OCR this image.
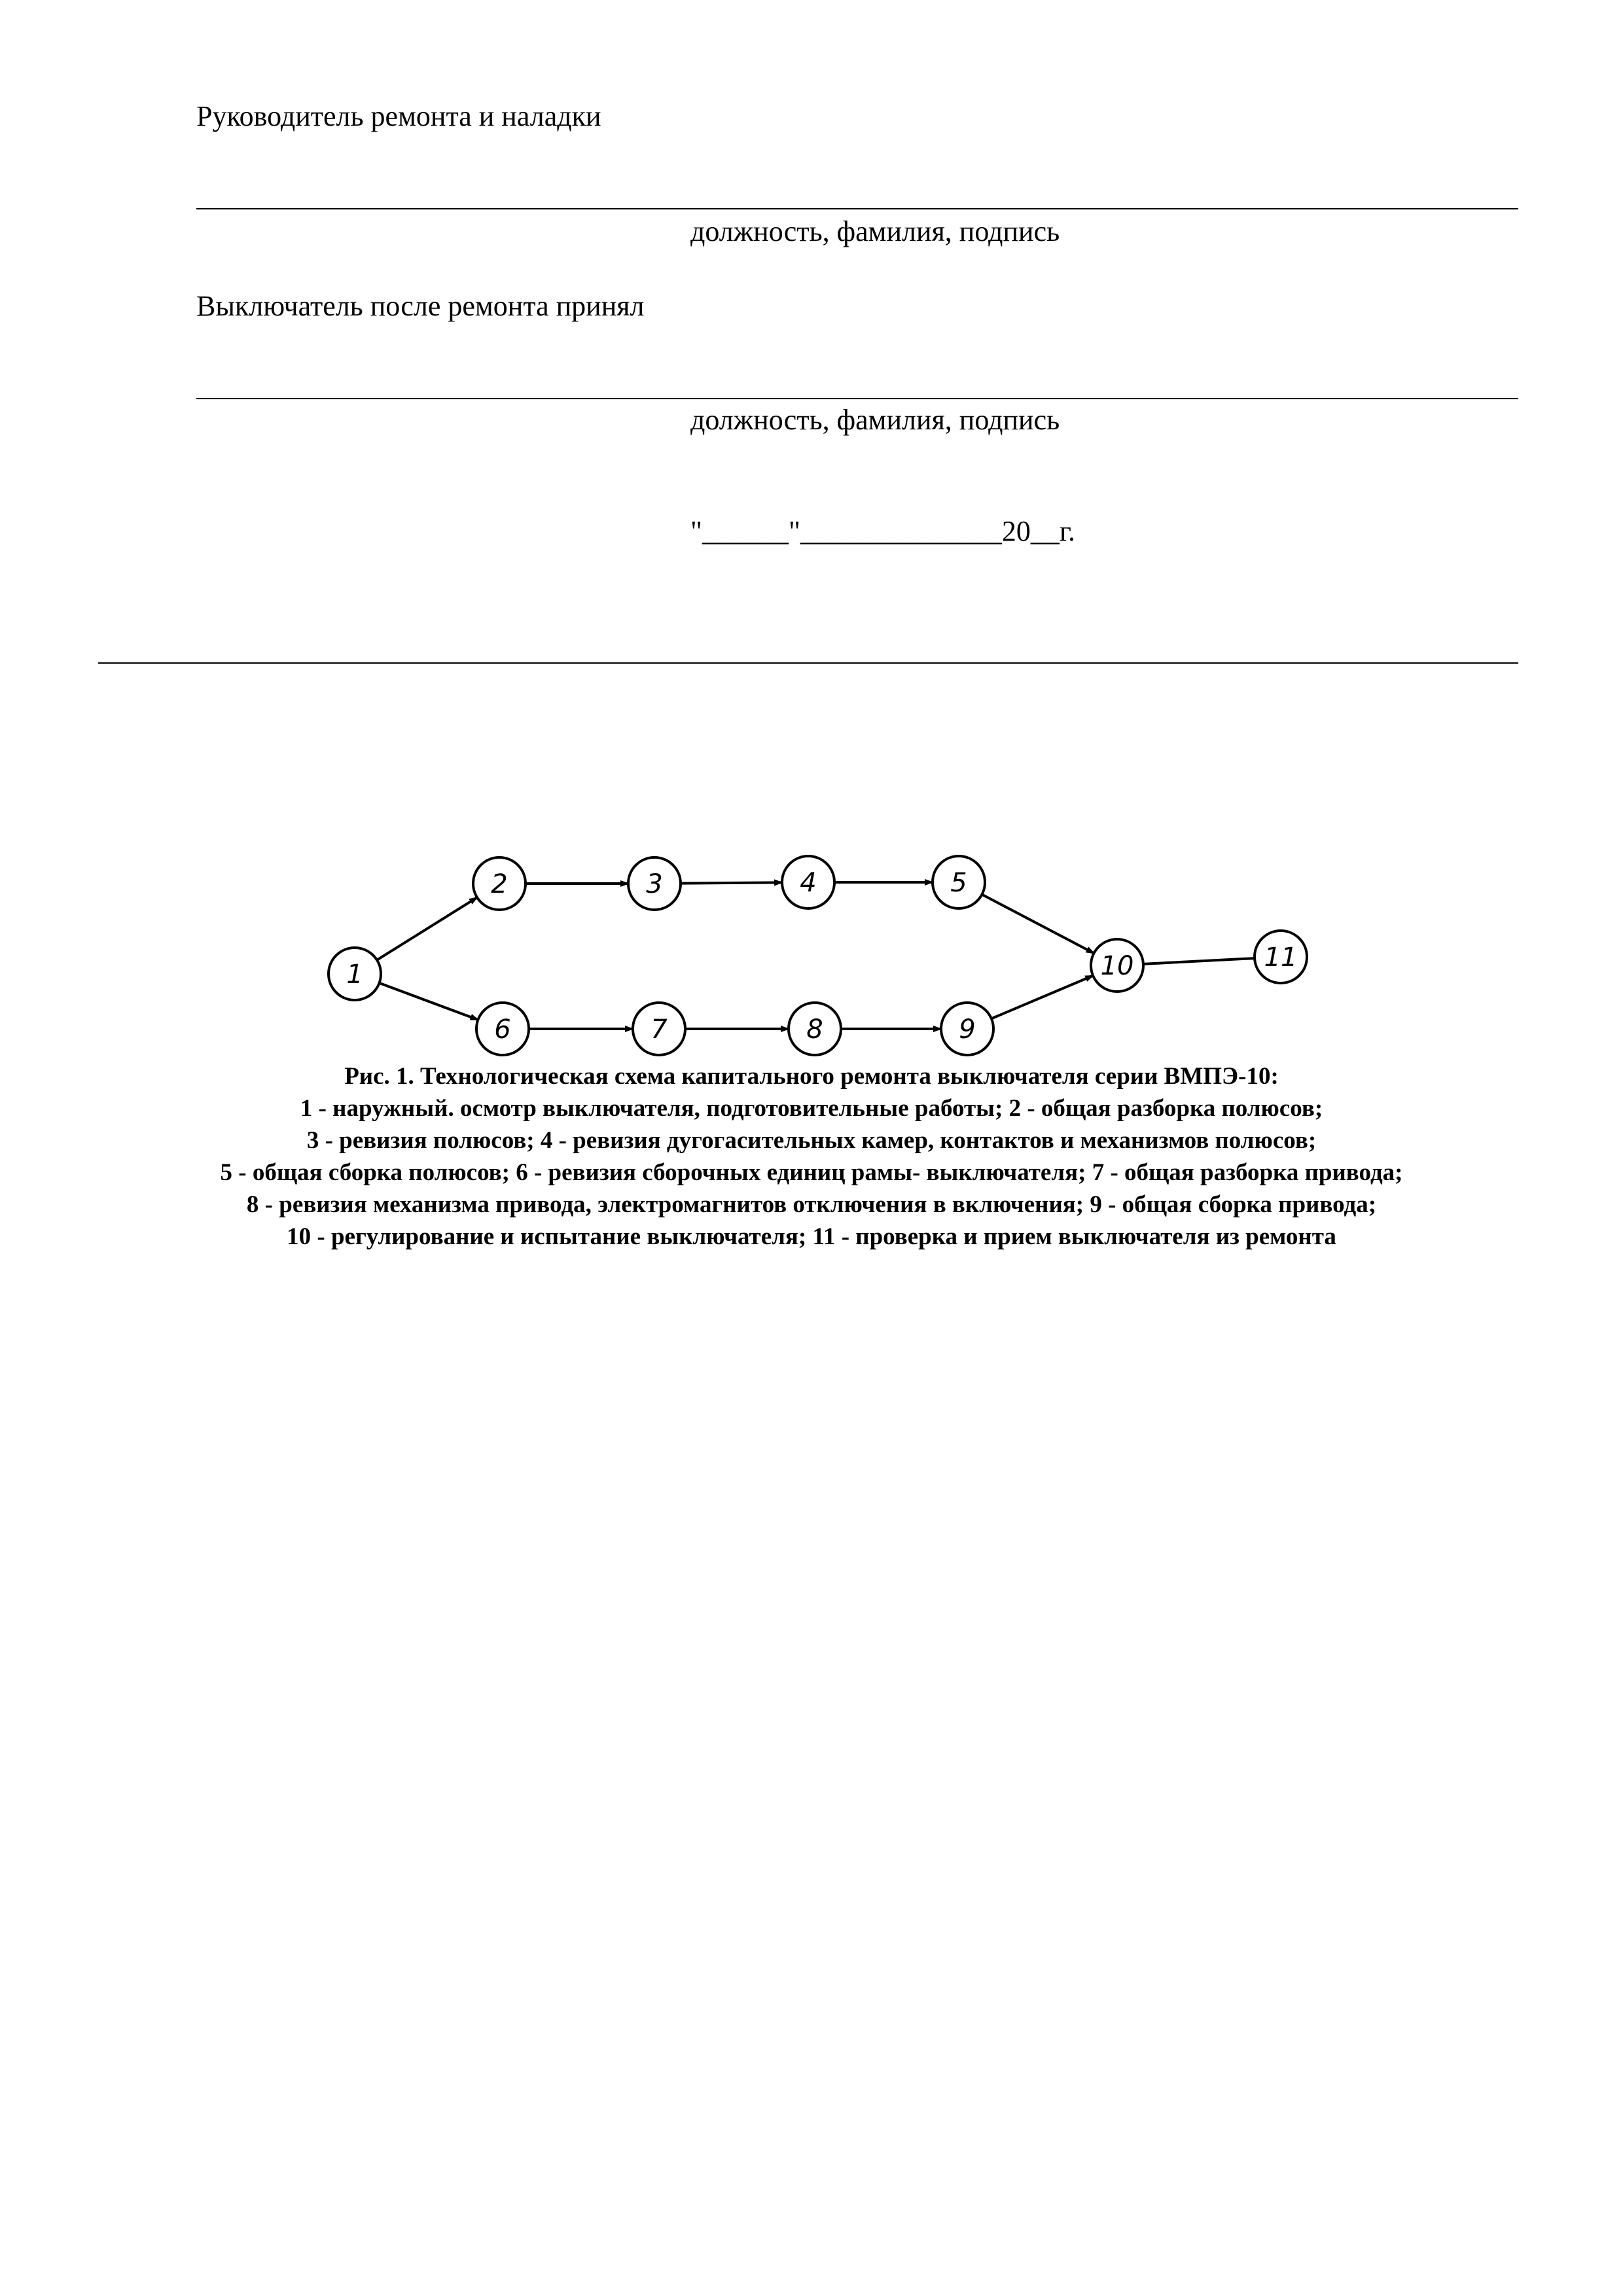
Руководитель ремонта и наладки
должность, фамилия, подпись
Выключатель после ремонта принял
должность, фамилия, подпись
"______"______________20__г.
1
2	3	4	5
6	7	8	9
10	11
Рис. 1. Технологическая схема капитального ремонта выключателя серии ВМПЭ-10:
1 - наружный. осмотр выключателя, подготовительные работы; 2 - общая разборка полюсов;
3 - ревизия полюсов; 4 - ревизия дугогасительных камер, контактов и механизмов полюсов;
5 - общая сборка полюсов; 6 - ревизия сборочных единиц рамы- выключателя; 7 - общая разборка привода;
8 - ревизия механизма привода, электромагнитов отключения в включения; 9 - общая сборка привода;
10 - регулирование и испытание выключателя; 11 - проверка и прием выключателя из ремонта
